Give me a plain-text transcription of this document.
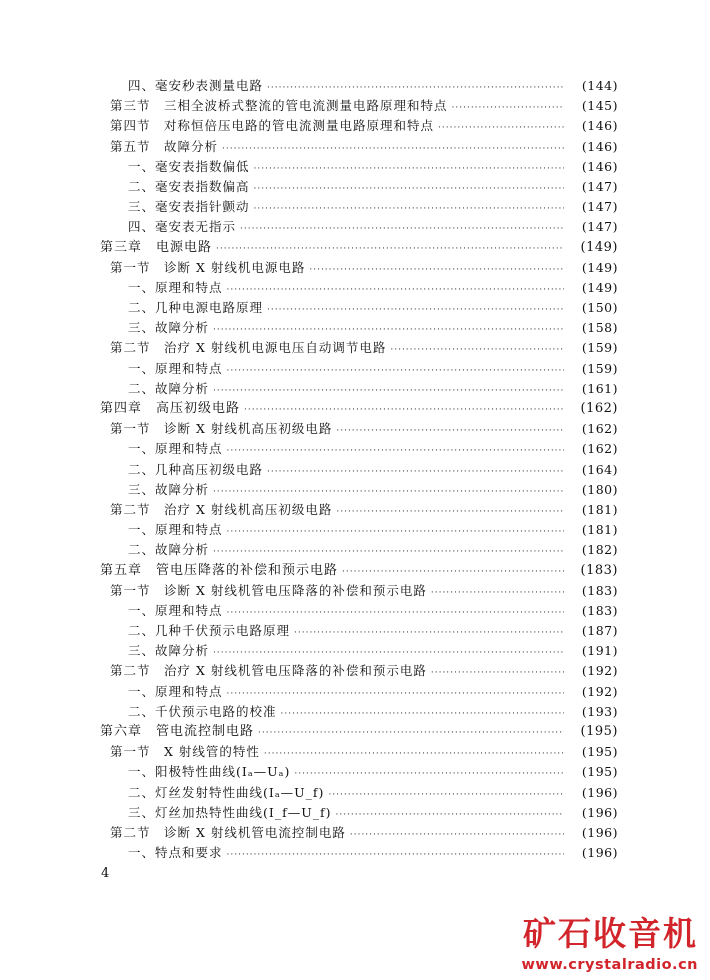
四、毫安秒表测量电路 ·····	(144)
第三节　三相全波桥式整流的管电流测量电路原理和特点 ·····	(145)
第四节　对称恒倍压电路的管电流测量电路原理和特点 ·····	(146)
第五节　故障分析 ·····	(146)
一、毫安表指数偏低 ·····	(146)
二、毫安表指数偏高 ·····	(147)
三、毫安表指针颤动 ·····	(147)
四、毫安表无指示 ·····	(147)
第三章　电源电路 ·····	(149)
第一节　诊断 X 射线机电源电路 ·····	(149)
一、原理和特点 ·····	(149)
二、几种电源电路原理 ·····	(150)
三、故障分析 ·····	(158)
第二节　治疗 X 射线机电源电压自动调节电路 ·····	(159)
一、原理和特点 ·····	(159)
二、故障分析 ·····	(161)
第四章　高压初级电路 ·····	(162)
第一节　诊断 X 射线机高压初级电路 ·····	(162)
一、原理和特点 ·····	(162)
二、几种高压初级电路 ·····	(164)
三、故障分析 ·····	(180)
第二节　治疗 X 射线机高压初级电路 ·····	(181)
一、原理和特点 ·····	(181)
二、故障分析 ·····	(182)
第五章　管电压降落的补偿和预示电路 ·····	(183)
第一节　诊断 X 射线机管电压降落的补偿和预示电路 ·····	(183)
一、原理和特点 ·····	(183)
二、几种千伏预示电路原理 ·····	(187)
三、故障分析 ·····	(191)
第二节　治疗 X 射线机管电压降落的补偿和预示电路 ·····	(192)
一、原理和特点 ·····	(192)
二、千伏预示电路的校准 ·····	(193)
第六章　管电流控制电路 ·····	(195)
第一节　X 射线管的特性 ·····	(195)
一、阳极特性曲线(Iₐ—Uₐ) ·····	(195)
二、灯丝发射特性曲线(Iₐ—U_f) ·····	(196)
三、灯丝加热特性曲线(I_f—U_f) ·····	(196)
第二节　诊断 X 射线机管电流控制电路 ·····	(196)
一、特点和要求 ·····	(196)
4
矿石收音机
www.crystalradio.cn
